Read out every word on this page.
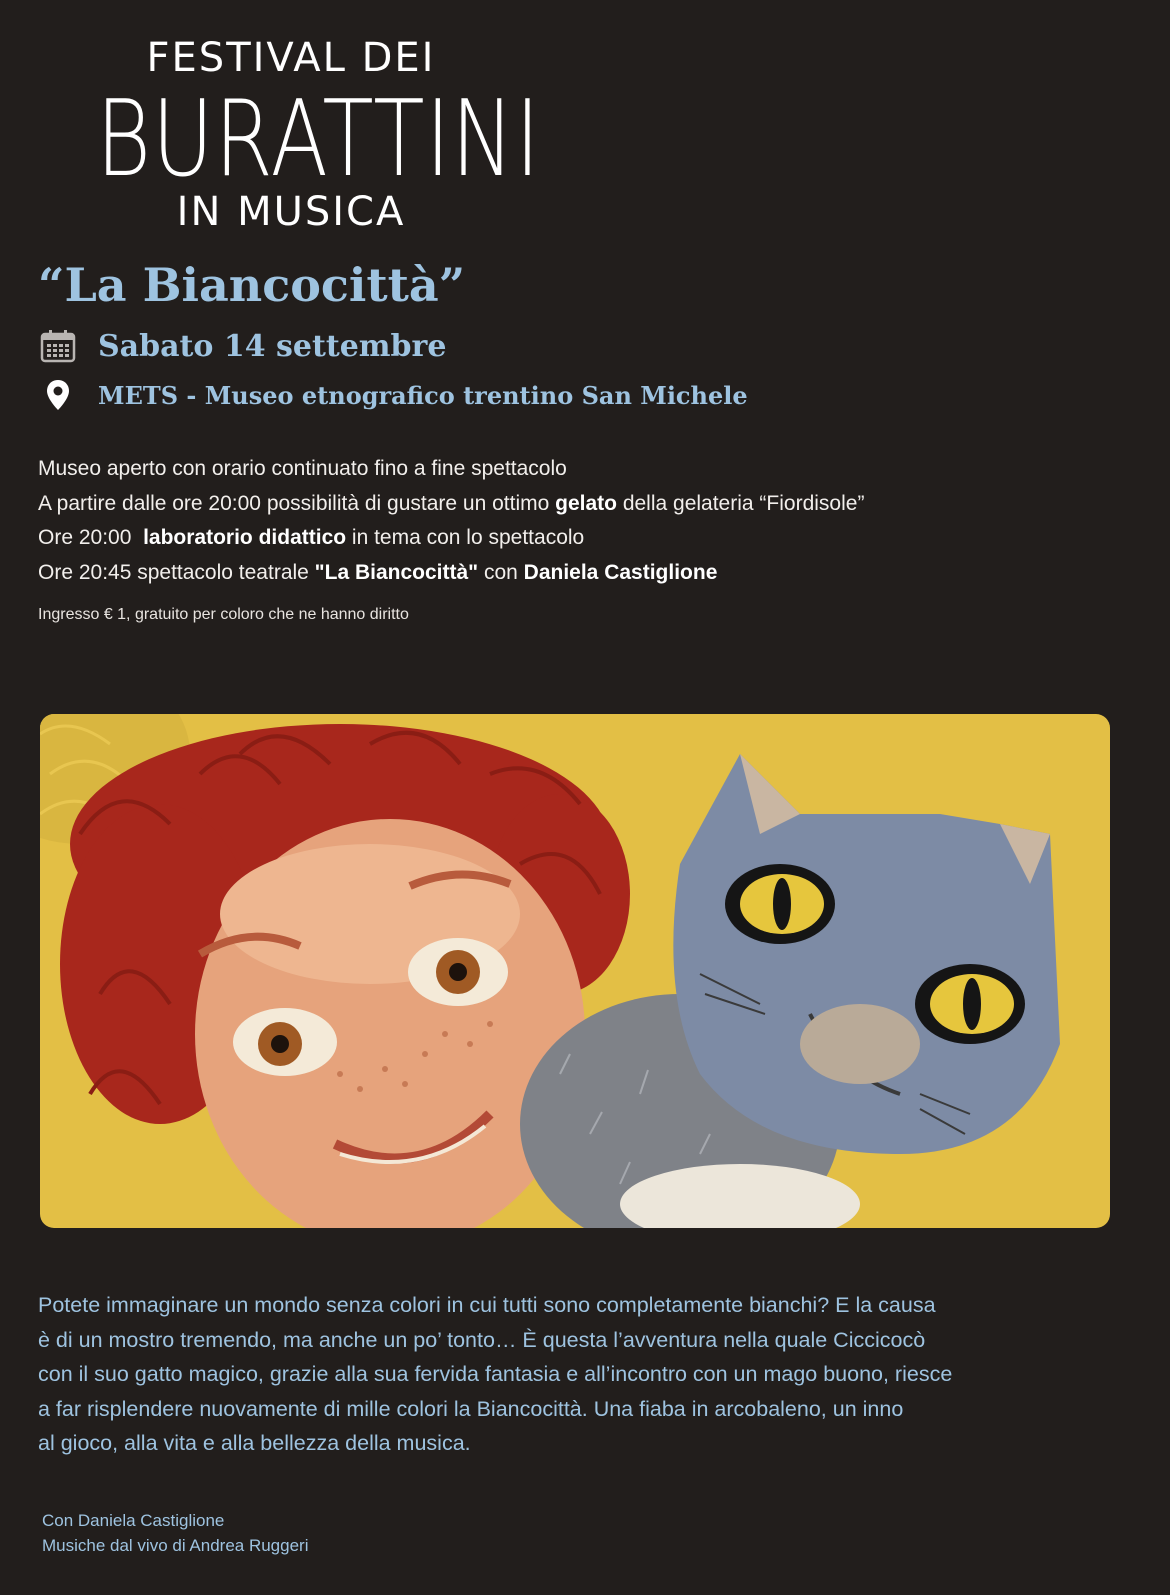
FESTIVAL DEI
BURATTINI
IN MUSICA
“La Biancocittà”
Sabato 14 settembre
METS - Museo etnografico trentino San Michele
Museo aperto con orario continuato fino a fine spettacolo
A partire dalle ore 20:00 possibilità di gustare un ottimo gelato della gelateria “Fiordisole”
Ore 20:00  laboratorio didattico in tema con lo spettacolo
Ore 20:45 spettacolo teatrale "La Biancocittà" con Daniela Castiglione
Ingresso € 1, gratuito per coloro che ne hanno diritto
Potete immaginare un mondo senza colori in cui tutti sono completamente bianchi? E la causa
è di un mostro tremendo, ma anche un po’ tonto… È questa l’avventura nella quale Ciccicocò
con il suo gatto magico, grazie alla sua fervida fantasia e all’incontro con un mago buono, riesce
a far risplendere nuovamente di mille colori la Biancocittà. Una fiaba in arcobaleno, un inno
al gioco, alla vita e alla bellezza della musica.
Con Daniela Castiglione
Musiche dal vivo di Andrea Ruggeri
